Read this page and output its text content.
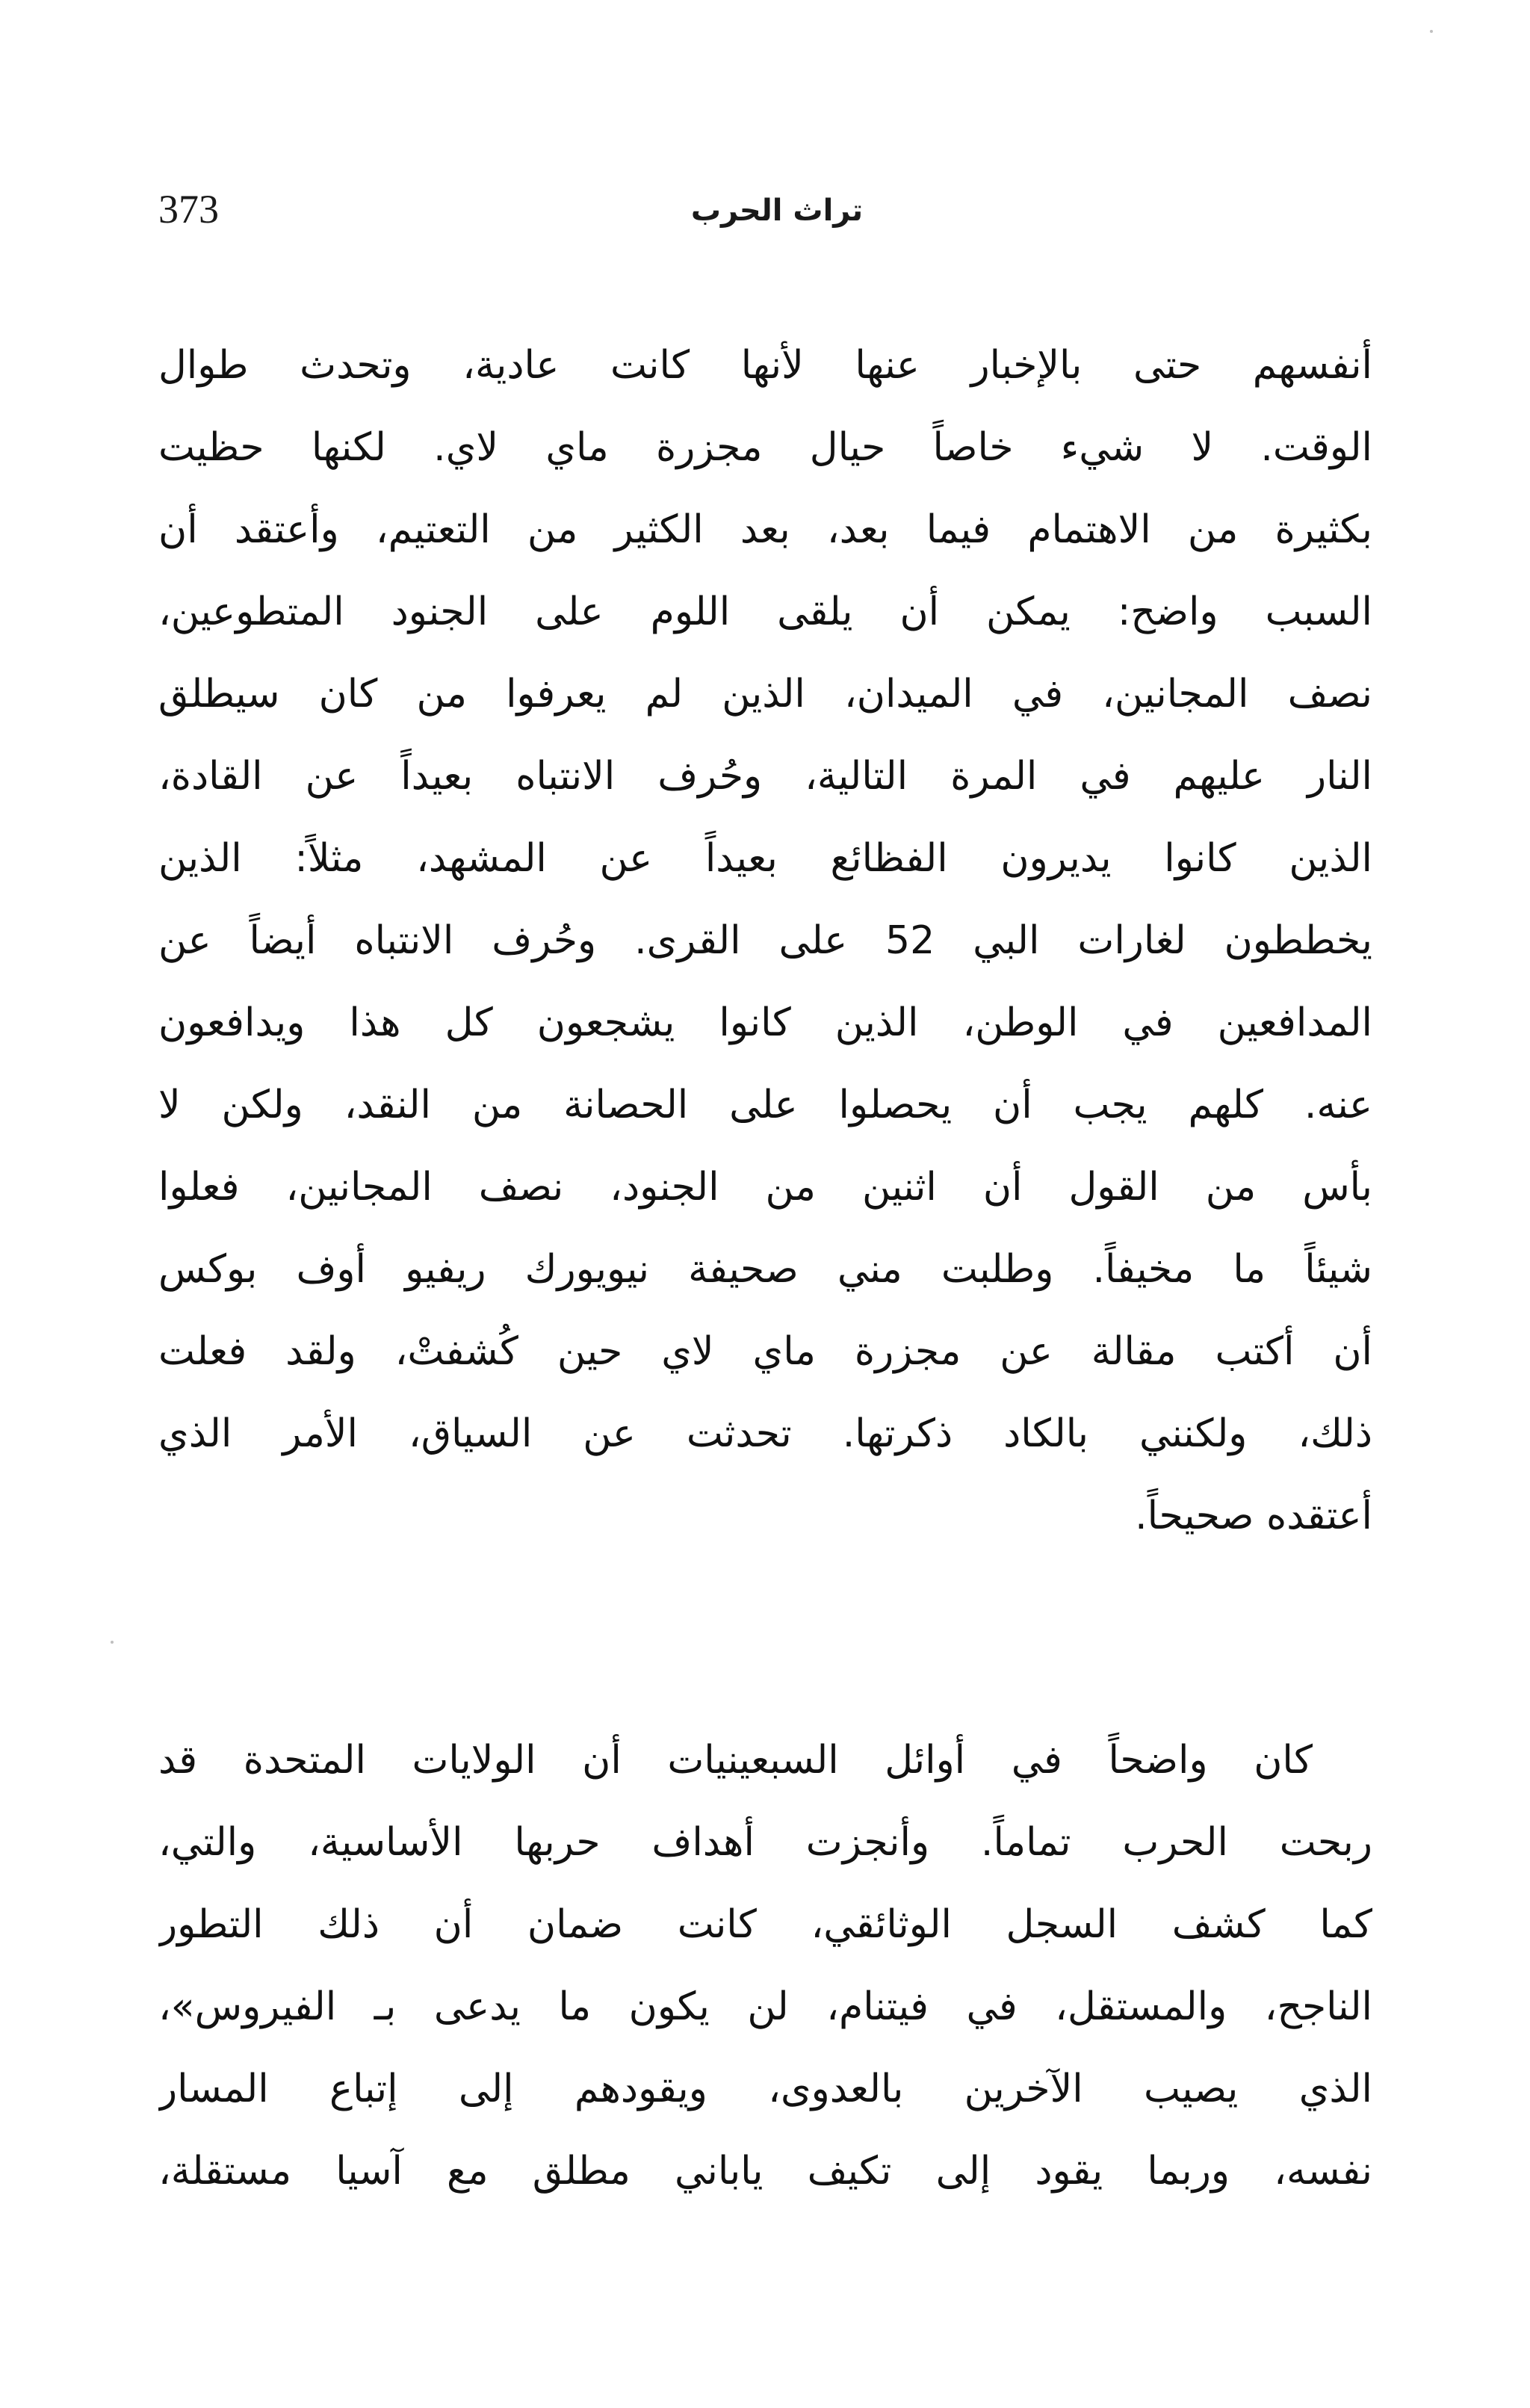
373	تراث الحرب
أنفسهم حتى بالإخبار عنها لأنها كانت عادية، وتحدث طوال
الوقت. لا شيء خاصاً حيال مجزرة ماي لاي. لكنها حظيت
بكثيرة من الاهتمام فيما بعد، بعد الكثير من التعتيم، وأعتقد أن
السبب واضح: يمكن أن يلقى اللوم على الجنود المتطوعين،
نصف المجانين، في الميدان، الذين لم يعرفوا من كان سيطلق
النار عليهم في المرة التالية، وحُرف الانتباه بعيداً عن القادة،
الذين كانوا يديرون الفظائع بعيداً عن المشهد، مثلاً: الذين
يخططون لغارات البي 52 على القرى. وحُرف الانتباه أيضاً عن
المدافعين في الوطن، الذين كانوا يشجعون كل هذا ويدافعون
عنه. كلهم يجب أن يحصلوا على الحصانة من النقد، ولكن لا
بأس من القول أن اثنين من الجنود، نصف المجانين، فعلوا
شيئاً ما مخيفاً. وطلبت مني صحيفة نيويورك ريفيو أوف بوكس
أن أكتب مقالة عن مجزرة ماي لاي حين كُشفتْ، ولقد فعلت
ذلك، ولكنني بالكاد ذكرتها. تحدثت عن السياق، الأمر الذي
أعتقده صحيحاً.
كان واضحاً في أوائل السبعينيات أن الولايات المتحدة قد
ربحت الحرب تماماً. وأنجزت أهداف حربها الأساسية، والتي،
كما كشف السجل الوثائقي، كانت ضمان أن ذلك التطور
الناجح، والمستقل، في فيتنام، لن يكون ما يدعى بـ الفيروس»،
الذي يصيب الآخرين بالعدوى، ويقودهم إلى إتباع المسار
نفسه، وربما يقود إلى تكيف ياباني مطلق مع آسيا مستقلة،
